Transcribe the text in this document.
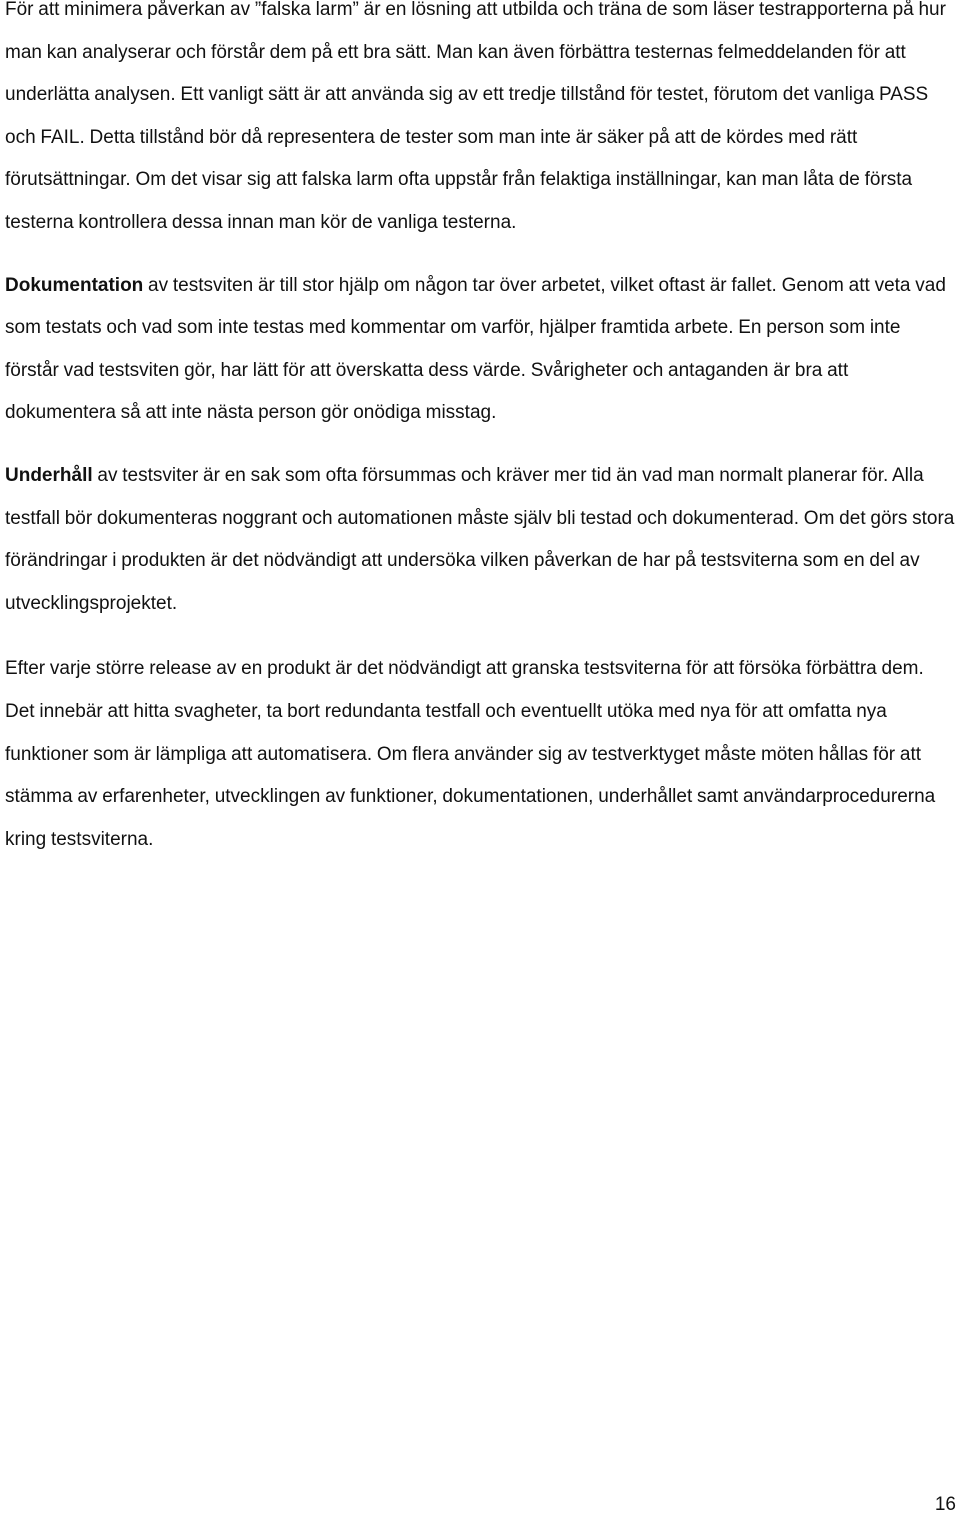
För att minimera påverkan av ”falska larm” är en lösning att utbilda och träna de som läser testrapporterna på hur man kan analyserar och förstår dem på ett bra sätt. Man kan även förbättra testernas felmeddelanden för att underlätta analysen. Ett vanligt sätt är att använda sig av ett tredje tillstånd för testet, förutom det vanliga PASS och FAIL. Detta tillstånd bör då representera de tester som man inte är säker på att de kördes med rätt förutsättningar. Om det visar sig att falska larm ofta uppstår från felaktiga inställningar, kan man låta de första testerna kontrollera dessa innan man kör de vanliga testerna.

Dokumentation av testsviten är till stor hjälp om någon tar över arbetet, vilket oftast är fallet. Genom att veta vad som testats och vad som inte testas med kommentar om varför, hjälper framtida arbete. En person som inte förstår vad testsviten gör, har lätt för att överskatta dess värde. Svårigheter och antaganden är bra att dokumentera så att inte nästa person gör onödiga misstag.

Underhåll av testsviter är en sak som ofta försummas och kräver mer tid än vad man normalt planerar för. Alla testfall bör dokumenteras noggrant och automationen måste själv bli testad och dokumenterad. Om det görs stora förändringar i produkten är det nödvändigt att undersöka vilken påverkan de har på testsviterna som en del av utvecklingsprojektet.

Efter varje större release av en produkt är det nödvändigt att granska testsviterna för att försöka förbättra dem. Det innebär att hitta svagheter, ta bort redundanta testfall och eventuellt utöka med nya för att omfatta nya funktioner som är lämpliga att automatisera. Om flera använder sig av testverktyget måste möten hållas för att stämma av erfarenheter, utvecklingen av funktioner, dokumentationen, underhållet samt användarprocedurerna kring testsviterna.

16
